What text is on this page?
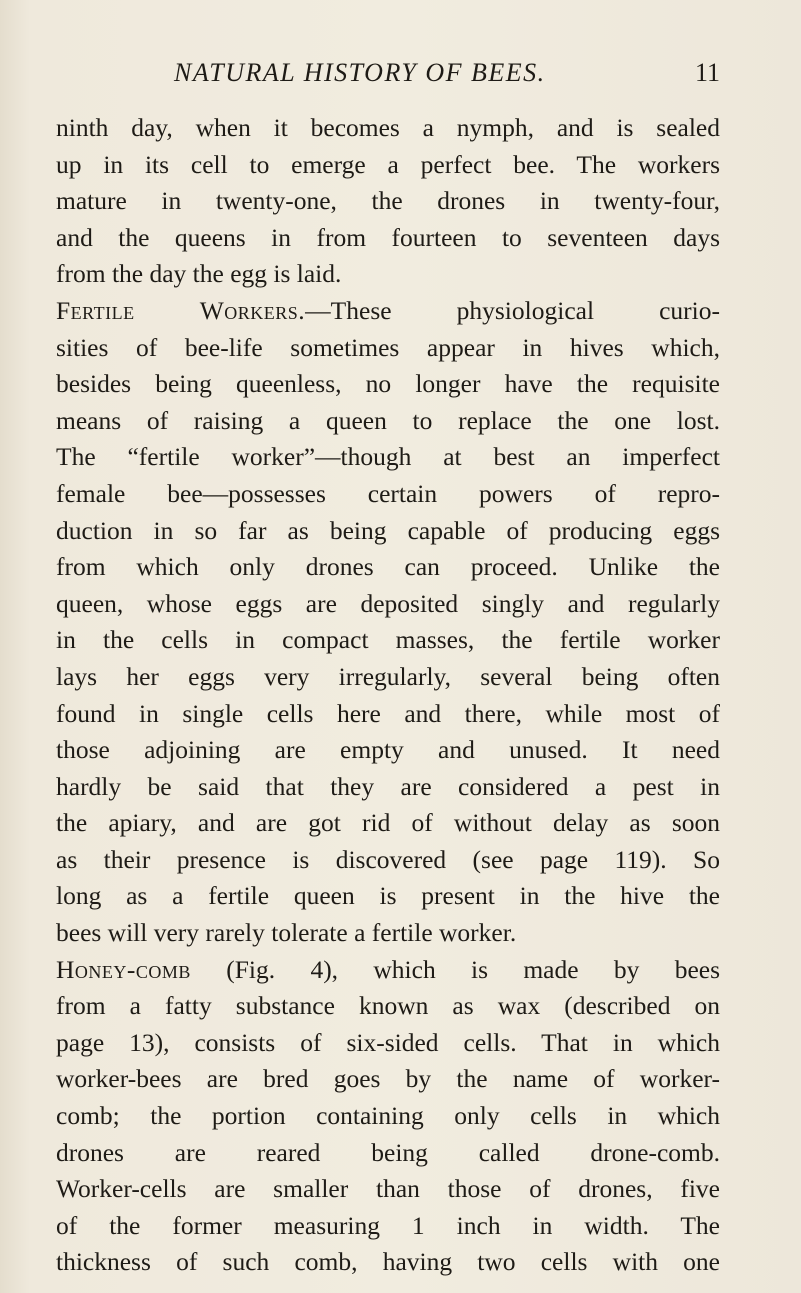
NATURAL HISTORY OF BEES.	11
ninth day, when it becomes a nymph, and is sealed
up in its cell to emerge a perfect bee. The workers
mature in twenty-one, the drones in twenty-four,
and the queens in from fourteen to seventeen days
from the day the egg is laid.
Fertile Workers.—These physiological curio-
sities of bee-life sometimes appear in hives which,
besides being queenless, no longer have the requisite
means of raising a queen to replace the one lost.
The “fertile worker”—though at best an imperfect
female bee—possesses certain powers of repro-
duction in so far as being capable of producing eggs
from which only drones can proceed. Unlike the
queen, whose eggs are deposited singly and regularly
in the cells in compact masses, the fertile worker
lays her eggs very irregularly, several being often
found in single cells here and there, while most of
those adjoining are empty and unused. It need
hardly be said that they are considered a pest in
the apiary, and are got rid of without delay as soon
as their presence is discovered (see page 119). So
long as a fertile queen is present in the hive the
bees will very rarely tolerate a fertile worker.
Honey-comb (Fig. 4), which is made by bees
from a fatty substance known as wax (described on
page 13), consists of six-sided cells. That in which
worker-bees are bred goes by the name of worker-
comb; the portion containing only cells in which
drones are reared being called drone-comb.
Worker-cells are smaller than those of drones, five
of the former measuring 1 inch in width. The
thickness of such comb, having two cells with one
